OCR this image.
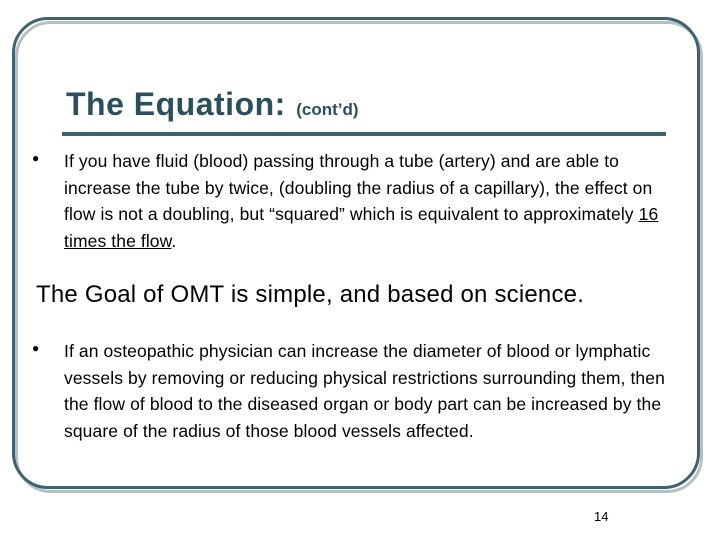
The Equation: (cont’d)
● If you have fluid (blood) passing through a tube (artery) and are able to increase the tube by twice, (doubling the radius of a capillary), the effect on flow is not a doubling, but “squared” which is equivalent to approximately 16 times the flow.
The Goal of OMT is simple, and based on science.
● If an osteopathic physician can increase the diameter of blood or lymphatic vessels by removing or reducing physical restrictions surrounding them, then the flow of blood to the diseased organ or body part can be increased by the square of the radius of those blood vessels affected.
14
